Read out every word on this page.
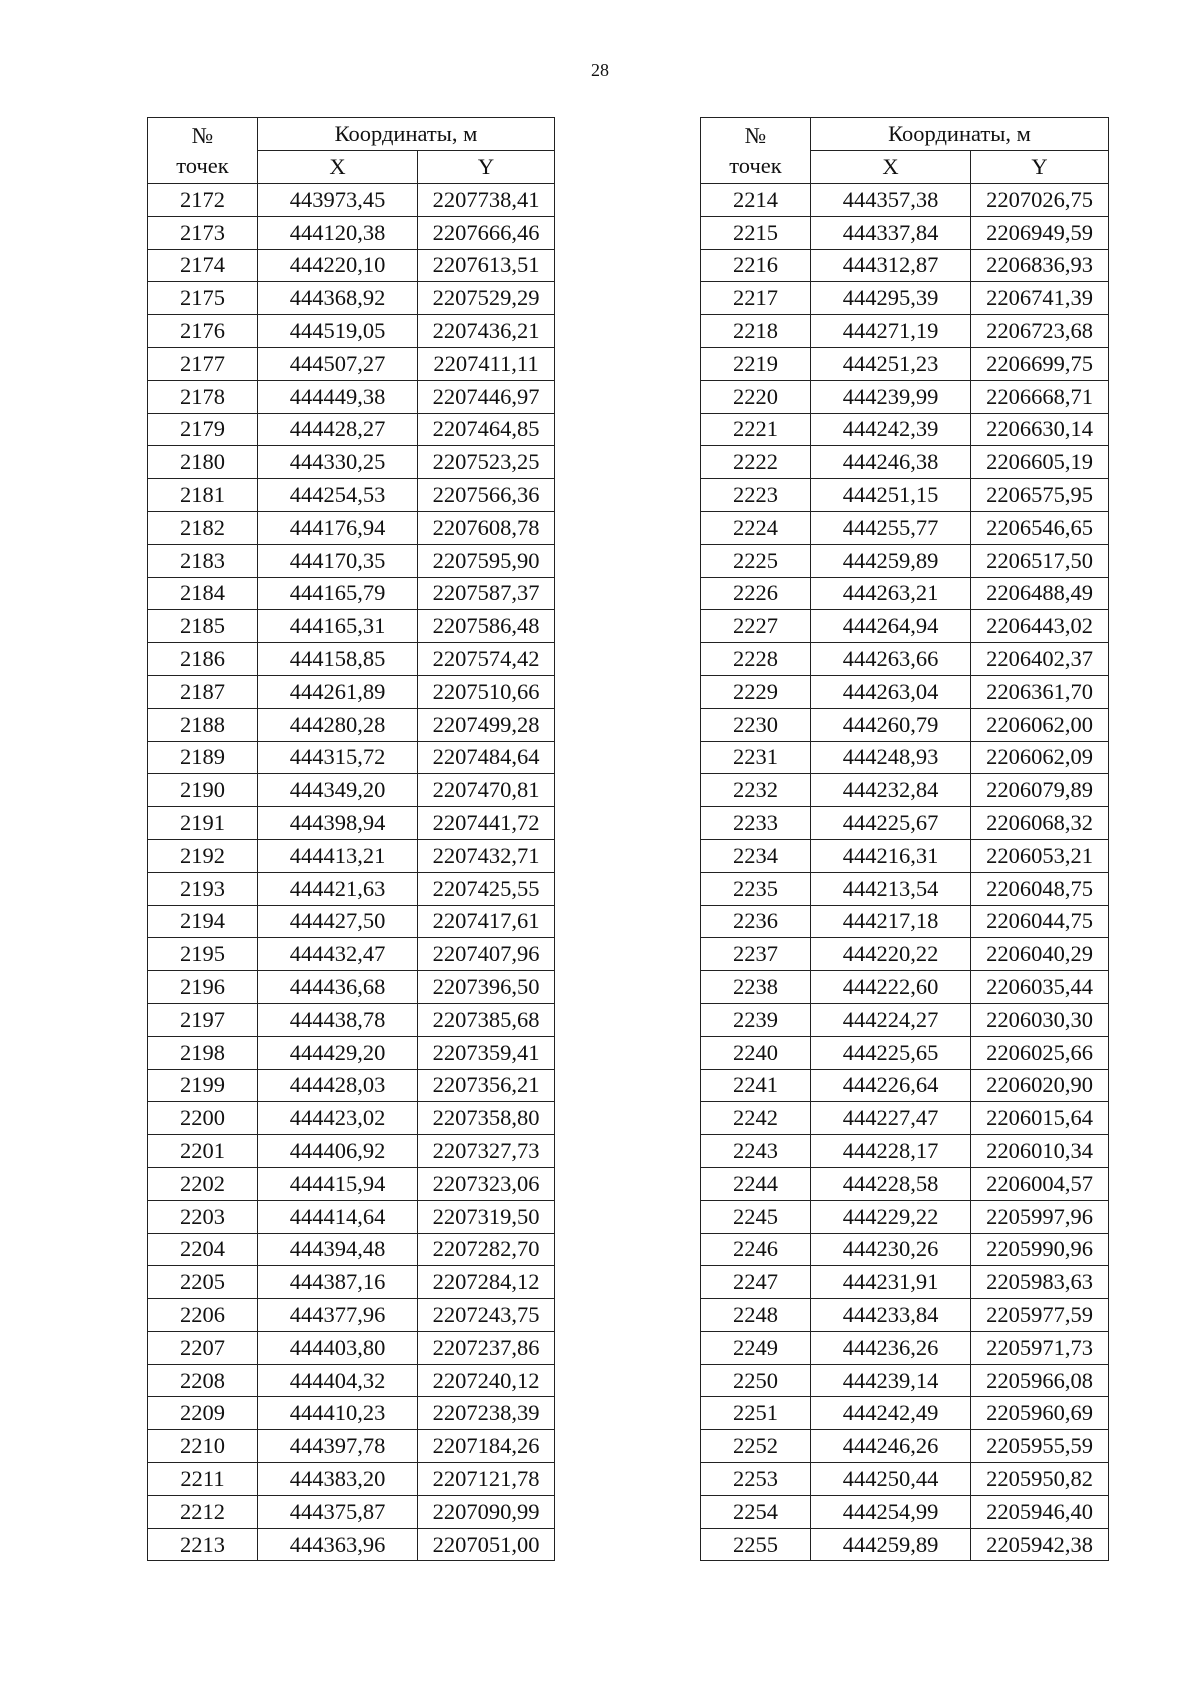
28
№
точек	Координаты, м	
	X	Y
2172	443973,45	2207738,41
2173	444120,38	2207666,46
2174	444220,10	2207613,51
2175	444368,92	2207529,29
2176	444519,05	2207436,21
2177	444507,27	2207411,11
2178	444449,38	2207446,97
2179	444428,27	2207464,85
2180	444330,25	2207523,25
2181	444254,53	2207566,36
2182	444176,94	2207608,78
2183	444170,35	2207595,90
2184	444165,79	2207587,37
2185	444165,31	2207586,48
2186	444158,85	2207574,42
2187	444261,89	2207510,66
2188	444280,28	2207499,28
2189	444315,72	2207484,64
2190	444349,20	2207470,81
2191	444398,94	2207441,72
2192	444413,21	2207432,71
2193	444421,63	2207425,55
2194	444427,50	2207417,61
2195	444432,47	2207407,96
2196	444436,68	2207396,50
2197	444438,78	2207385,68
2198	444429,20	2207359,41
2199	444428,03	2207356,21
2200	444423,02	2207358,80
2201	444406,92	2207327,73
2202	444415,94	2207323,06
2203	444414,64	2207319,50
2204	444394,48	2207282,70
2205	444387,16	2207284,12
2206	444377,96	2207243,75
2207	444403,80	2207237,86
2208	444404,32	2207240,12
2209	444410,23	2207238,39
2210	444397,78	2207184,26
2211	444383,20	2207121,78
2212	444375,87	2207090,99
2213	444363,96	2207051,00
№
точек	Координаты, м	
	X	Y
2214	444357,38	2207026,75
2215	444337,84	2206949,59
2216	444312,87	2206836,93
2217	444295,39	2206741,39
2218	444271,19	2206723,68
2219	444251,23	2206699,75
2220	444239,99	2206668,71
2221	444242,39	2206630,14
2222	444246,38	2206605,19
2223	444251,15	2206575,95
2224	444255,77	2206546,65
2225	444259,89	2206517,50
2226	444263,21	2206488,49
2227	444264,94	2206443,02
2228	444263,66	2206402,37
2229	444263,04	2206361,70
2230	444260,79	2206062,00
2231	444248,93	2206062,09
2232	444232,84	2206079,89
2233	444225,67	2206068,32
2234	444216,31	2206053,21
2235	444213,54	2206048,75
2236	444217,18	2206044,75
2237	444220,22	2206040,29
2238	444222,60	2206035,44
2239	444224,27	2206030,30
2240	444225,65	2206025,66
2241	444226,64	2206020,90
2242	444227,47	2206015,64
2243	444228,17	2206010,34
2244	444228,58	2206004,57
2245	444229,22	2205997,96
2246	444230,26	2205990,96
2247	444231,91	2205983,63
2248	444233,84	2205977,59
2249	444236,26	2205971,73
2250	444239,14	2205966,08
2251	444242,49	2205960,69
2252	444246,26	2205955,59
2253	444250,44	2205950,82
2254	444254,99	2205946,40
2255	444259,89	2205942,38
